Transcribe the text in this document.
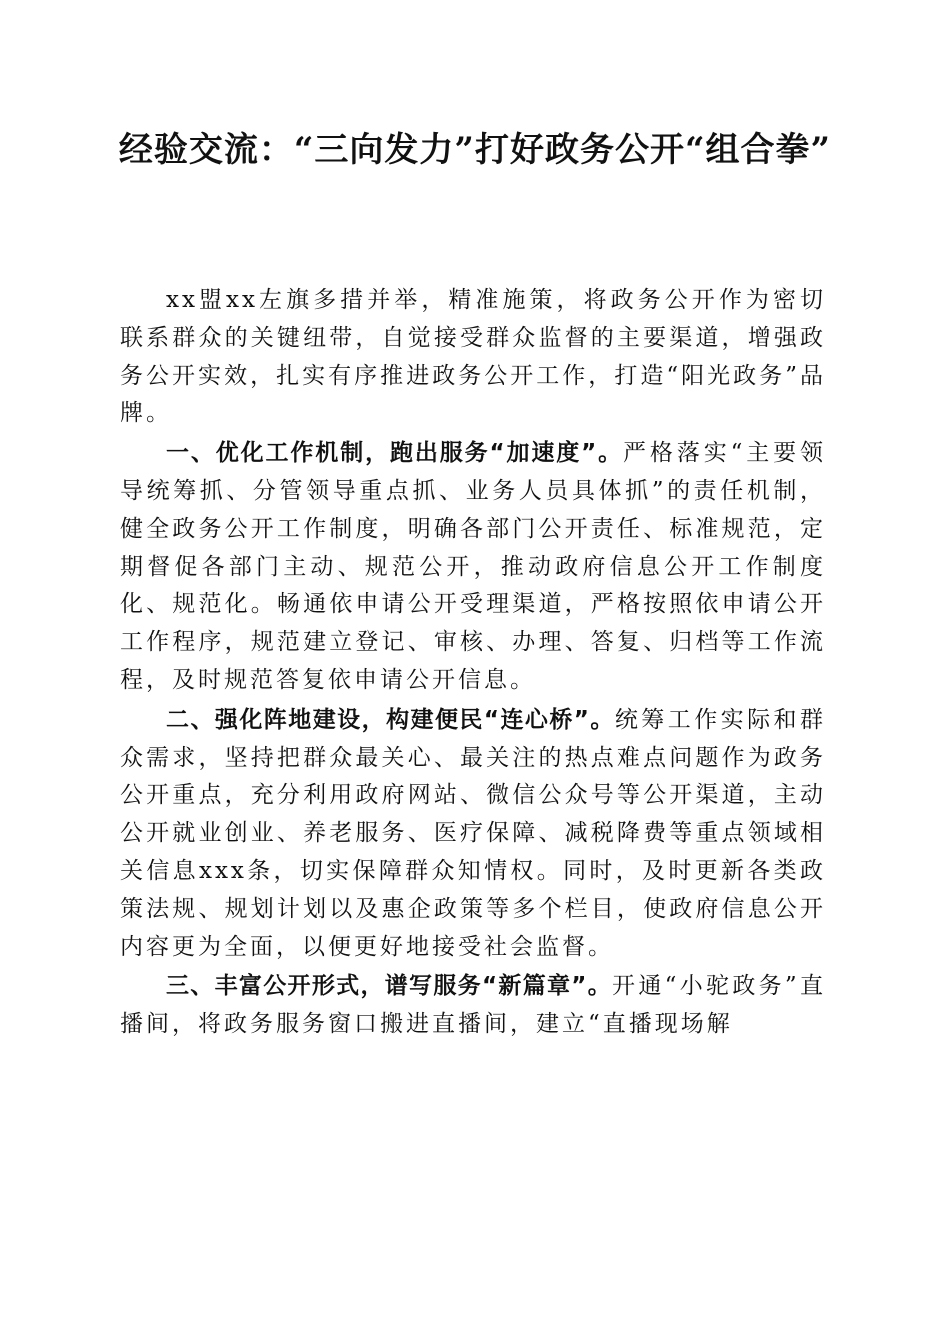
经验交流：“三向发力”打好政务公开“组合拳”

xx盟xx左旗多措并举，精准施策，将政务公开作为密切联系群众的关键纽带，自觉接受群众监督的主要渠道，增强政务公开实效，扎实有序推进政务公开工作，打造“阳光政务”品牌。

一、优化工作机制，跑出服务“加速度”。严格落实“主要领导统筹抓、分管领导重点抓、业务人员具体抓”的责任机制，健全政务公开工作制度，明确各部门公开责任、标准规范，定期督促各部门主动、规范公开，推动政府信息公开工作制度化、规范化。畅通依申请公开受理渠道，严格按照依申请公开工作程序，规范建立登记、审核、办理、答复、归档等工作流程，及时规范答复依申请公开信息。

二、强化阵地建设，构建便民“连心桥”。统筹工作实际和群众需求，坚持把群众最关心、最关注的热点难点问题作为政务公开重点，充分利用政府网站、微信公众号等公开渠道，主动公开就业创业、养老服务、医疗保障、减税降费等重点领域相关信息xxx条，切实保障群众知情权。同时，及时更新各类政策法规、规划计划以及惠企政策等多个栏目，使政府信息公开内容更为全面，以便更好地接受社会监督。

三、丰富公开形式，谱写服务“新篇章”。开通“小驼政务”直播间，将政务服务窗口搬进直播间，建立“直播现场解
